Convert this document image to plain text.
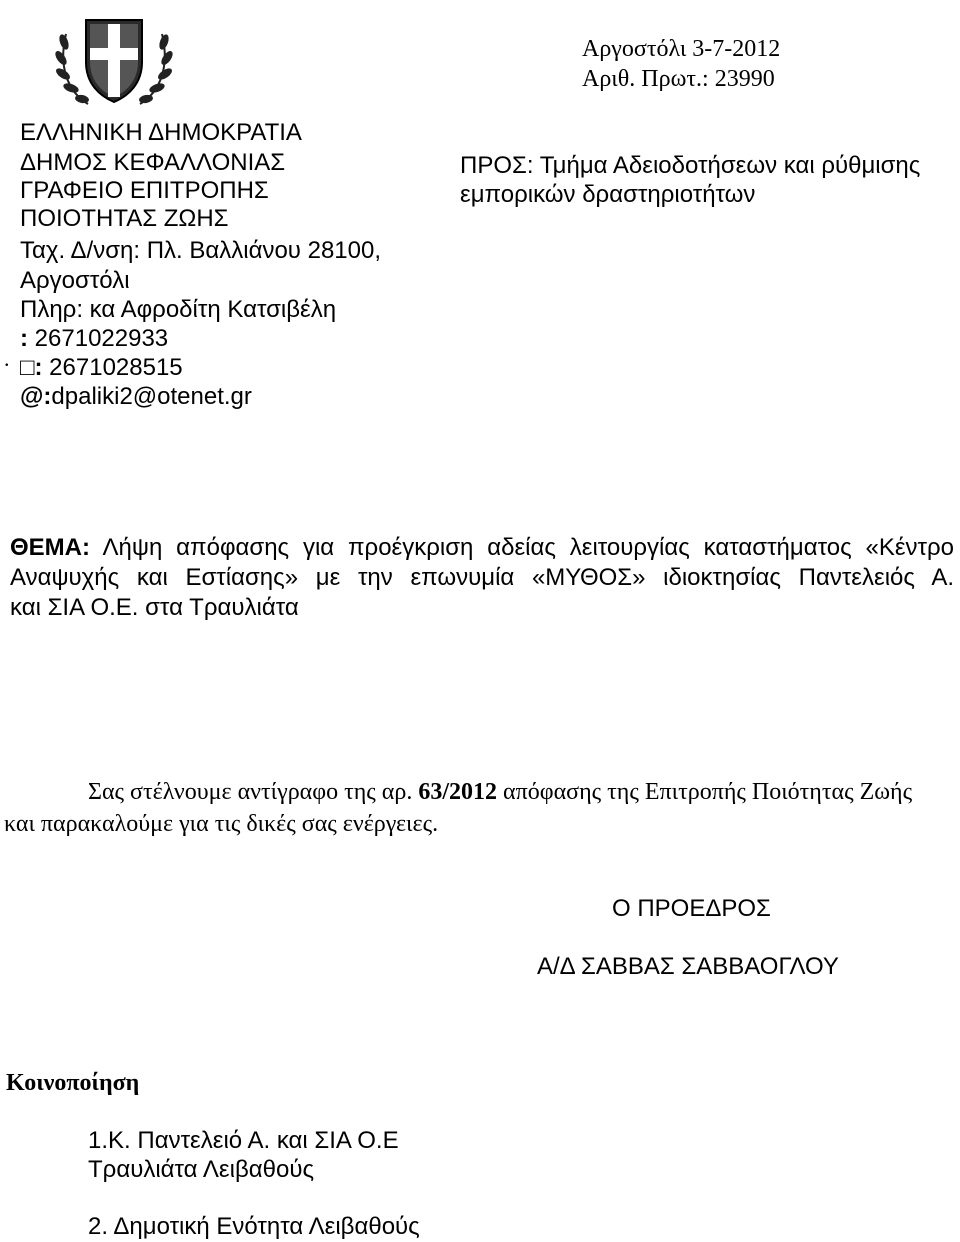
ΕΛΛΗΝΙΚΗ ΔΗΜΟΚΡΑΤΙΑ
ΔΗΜΟΣ ΚΕΦΑΛΛΟΝΙΑΣ
ΓΡΑΦΕΙΟ ΕΠΙΤΡΟΠΗΣ
ΠΟΙΟΤΗΤΑΣ ΖΩΗΣ
Ταχ. Δ/νση: Πλ. Βαλλιάνου 28100,
Αργοστόλι
Πληρ: κα Αφροδίτη Κατσιβέλη
: 2671022933
. □: 2671028515
@:dpaliki2@otenet.gr
Αργοστόλι 3-7-2012
Αριθ. Πρωτ.: 23990
ΠΡΟΣ: Τμήμα Αδειοδοτήσεων και ρύθμισης
εμπορικών δραστηριοτήτων
ΘΕΜΑ: Λήψη απόφασης για προέγκριση αδείας λειτουργίας καταστήματος «Κέντρο
Αναψυχής και Εστίασης» με την επωνυμία «ΜΥΘΟΣ» ιδιοκτησίας Παντελειός Α.
και ΣΙΑ Ο.Ε. στα Τραυλιάτα
Σας στέλνουμε αντίγραφο της αρ. 63/2012 απόφασης της Επιτροπής Ποιότητας Ζωής
και παρακαλούμε για τις δικές σας ενέργειες.
Ο ΠΡΟΕΔΡΟΣ
Α/Δ ΣΑΒΒΑΣ ΣΑΒΒΑΟΓΛΟΥ
Κοινοποίηση
1.Κ. Παντελειό Α. και ΣΙΑ Ο.Ε
Τραυλιάτα Λειβαθούς
2. Δημοτική Ενότητα Λειβαθούς
